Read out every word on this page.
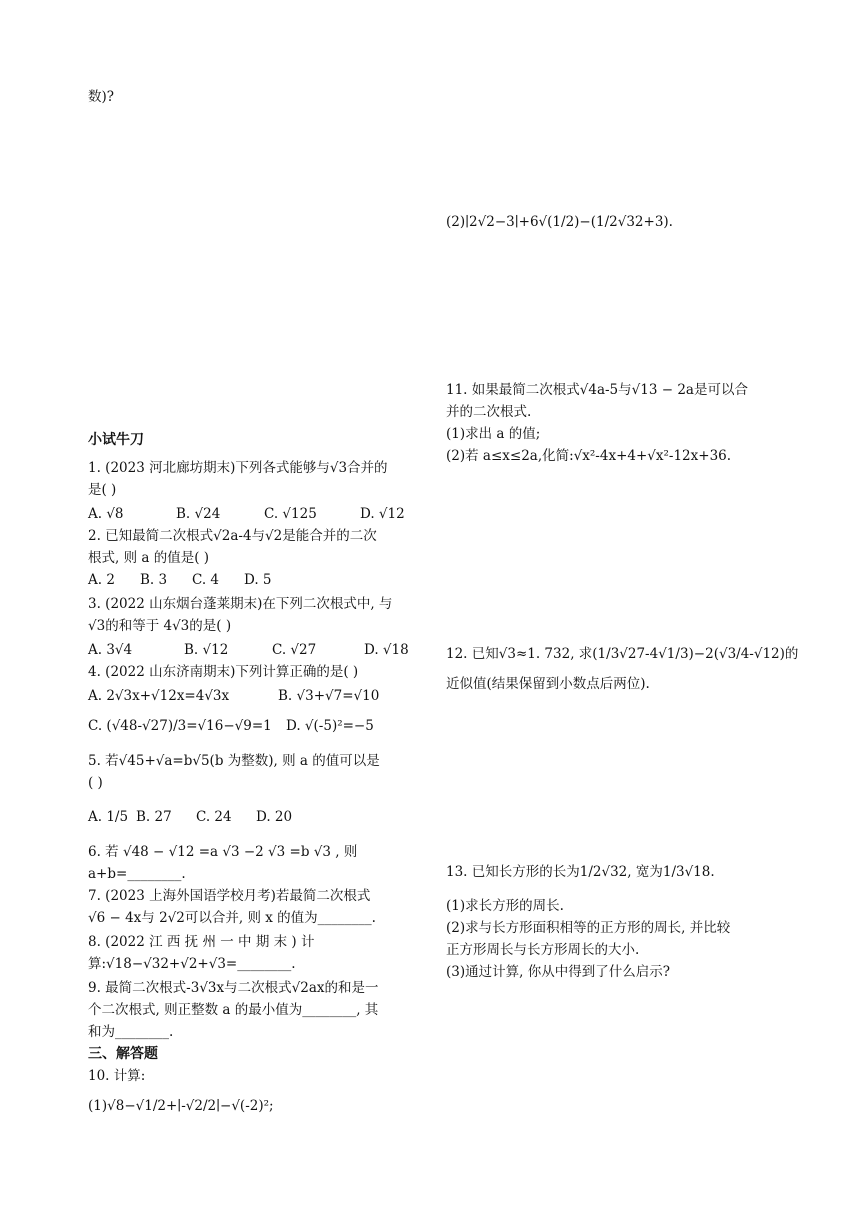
数)?
小试牛刀
1. (2023 河北廊坊期末)下列各式能够与√3合并的
是( )
A. √8	B. √24	C. √125	D. √12
2. 已知最简二次根式√2a-4与√2是能合并的二次
根式, 则 a 的值是( )
A. 2 B. 3 C. 4 D. 5
3. (2022 山东烟台蓬莱期末)在下列二次根式中, 与
√3的和等于 4√3的是( )
A. 3√4	B. √12	C. √27	D. √18
4. (2022 山东济南期末)下列计算正确的是( )
A. 2√3x+√12x=4√3x	B. √3+√7=√10
C. (√48-√27)/3=√16−√9=1 D. √(-5)²=−5
5. 若√45+√a=b√5(b 为整数), 则 a 的值可以是
( )
A. 1/5 B. 27 C. 24 D. 20
6. 若 √48 − √12 =a √3 −2 √3 =b √3 , 则
a+b=________.
7. (2023 上海外国语学校月考)若最简二次根式
√6 − 4x与 2√2可以合并, 则 x 的值为________.
8. (2022 江 西 抚 州 一 中 期 末 ) 计
算:√18−√32+√2+√3=________.
9. 最简二次根式-3√3x与二次根式√2ax的和是一
个二次根式, 则正整数 a 的最小值为________, 其
和为________.
三、解答题
10. 计算:
(1)√8−√1/2+∣-√2/2∣−√(-2)²;
(2)∣2√2−3∣+6√(1/2)−(1/2√32+3).
11. 如果最简二次根式√4a-5与√13 − 2a是可以合
并的二次根式.
(1)求出 a 的值;
(2)若 a≤x≤2a,化简:√x²-4x+4+√x²-12x+36.
12. 已知√3≈1. 732, 求(1/3√27-4√1/3)−2(√3/4-√12)的
近似值(结果保留到小数点后两位).
13. 已知长方形的长为1/2√32, 宽为1/3√18.
(1)求长方形的周长.
(2)求与长方形面积相等的正方形的周长, 并比较
正方形周长与长方形周长的大小.
(3)通过计算, 你从中得到了什么启示?
